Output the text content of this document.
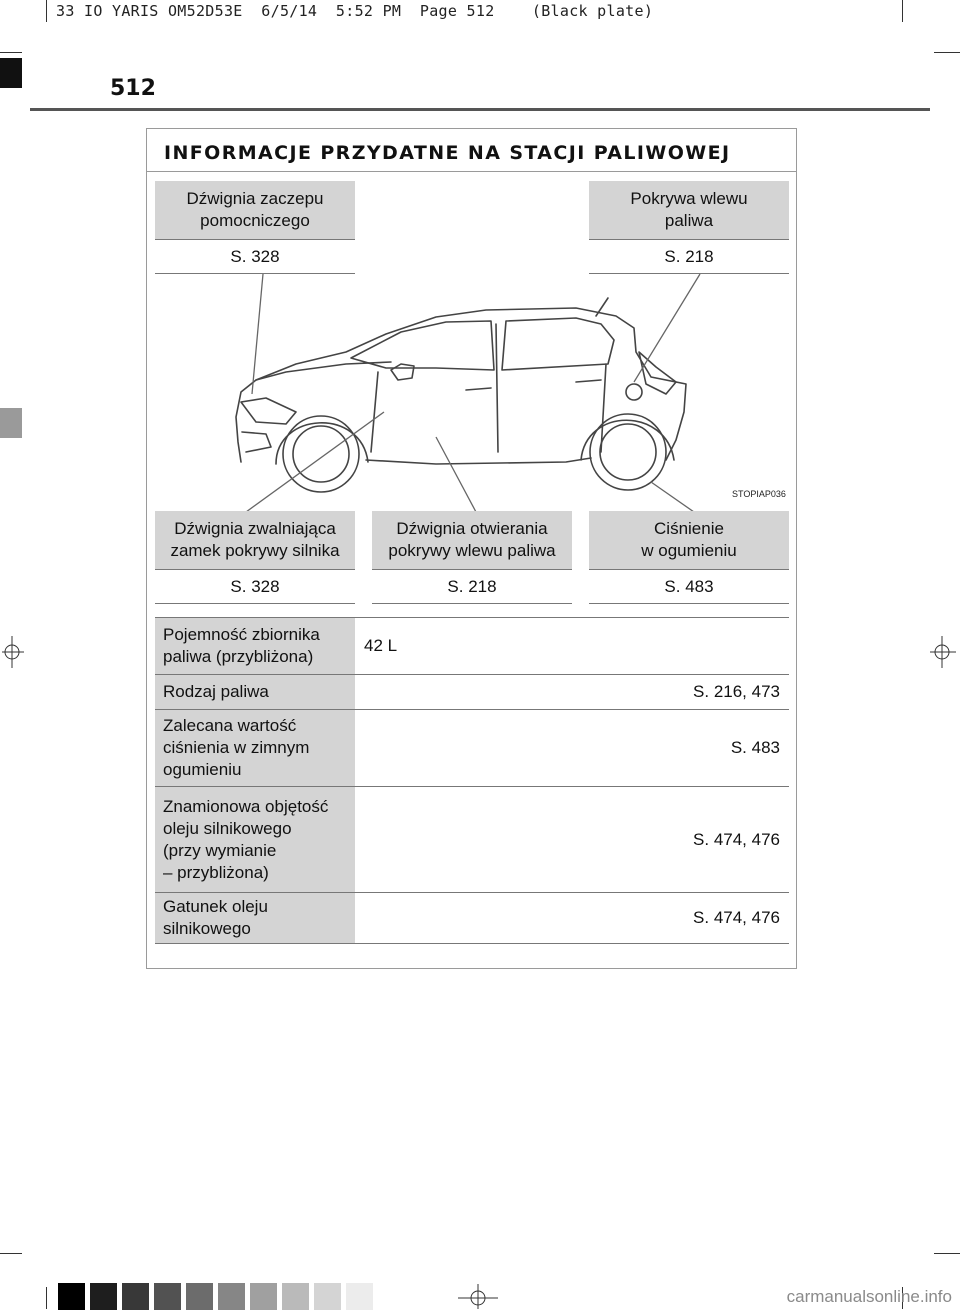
33 IO YARIS OM52D53E  6/5/14  5:52 PM  Page 512    (Black plate)
512
INFORMACJE PRZYDATNE NA STACJI PALIWOWEJ
Dźwignia zaczepu
pomocniczego
S. 328
Pokrywa wlewu
paliwa
S. 218
STOPIAP036
Dźwignia zwalniająca
zamek pokrywy silnika
S. 328
Dźwignia otwierania
pokrywy wlewu paliwa
S. 218
Ciśnienie
w ogumieniu
S. 483
Pojemność zbiornika
paliwa (przybliżona)
42 L
Rodzaj paliwa	S. 216, 473
Zalecana wartość
ciśnienia w zimnym
ogumieniu
S. 483
Znamionowa objętość
oleju silnikowego
(przy wymianie
– przybliżona)
S. 474, 476
Gatunek oleju
silnikowego
S. 474, 476
carmanualsonline.info
